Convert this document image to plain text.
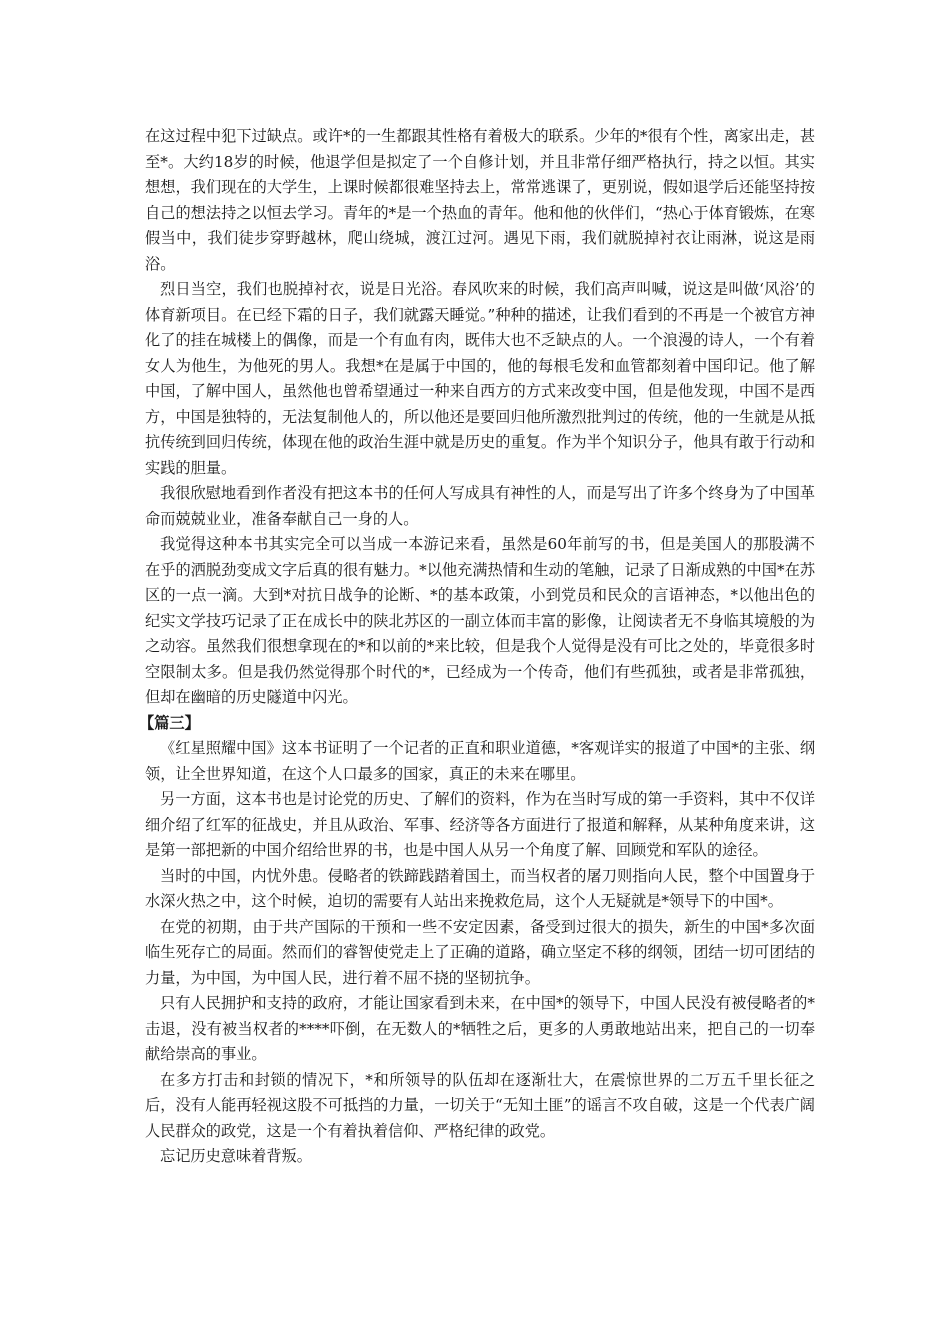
在这过程中犯下过缺点。或许*的一生都跟其性格有着极大的联系。少年的*很有个性，离家出走，甚至*。大约18岁的时候，他退学但是拟定了一个自修计划，并且非常仔细严格执行，持之以恒。其实想想，我们现在的大学生，上课时候都很难坚持去上，常常逃课了，更别说，假如退学后还能坚持按自己的想法持之以恒去学习。青年的*是一个热血的青年。他和他的伙伴们，“热心于体育锻炼，在寒假当中，我们徒步穿野越林，爬山绕城，渡江过河。遇见下雨，我们就脱掉衬衣让雨淋，说这是雨浴。

烈日当空，我们也脱掉衬衣，说是日光浴。春风吹来的时候，我们高声叫喊，说这是叫做‘风浴’的体育新项目。在已经下霜的日子，我们就露天睡觉。”种种的描述，让我们看到的不再是一个被官方神化了的挂在城楼上的偶像，而是一个有血有肉，既伟大也不乏缺点的人。一个浪漫的诗人，一个有着女人为他生，为他死的男人。我想*在是属于中国的，他的每根毛发和血管都刻着中国印记。他了解中国，了解中国人，虽然他也曾希望通过一种来自西方的方式来改变中国，但是他发现，中国不是西方，中国是独特的，无法复制他人的，所以他还是要回归他所激烈批判过的传统，他的一生就是从抵抗传统到回归传统，体现在他的政治生涯中就是历史的重复。作为半个知识分子，他具有敢于行动和实践的胆量。

我很欣慰地看到作者没有把这本书的任何人写成具有神性的人，而是写出了许多个终身为了中国革命而兢兢业业，准备奉献自己一身的人。

我觉得这种本书其实完全可以当成一本游记来看，虽然是60年前写的书，但是美国人的那股满不在乎的洒脱劲变成文字后真的很有魅力。*以他充满热情和生动的笔触，记录了日渐成熟的中国*在苏区的一点一滴。大到*对抗日战争的论断、*的基本政策，小到党员和民众的言语神态，*以他出色的纪实文学技巧记录了正在成长中的陕北苏区的一副立体而丰富的影像，让阅读者无不身临其境般的为之动容。虽然我们很想拿现在的*和以前的*来比较，但是我个人觉得是没有可比之处的，毕竟很多时空限制太多。但是我仍然觉得那个时代的*，已经成为一个传奇，他们有些孤独，或者是非常孤独，但却在幽暗的历史隧道中闪光。

【篇三】

《红星照耀中国》这本书证明了一个记者的正直和职业道德，*客观详实的报道了中国*的主张、纲领，让全世界知道，在这个人口最多的国家，真正的未来在哪里。

另一方面，这本书也是讨论党的历史、了解们的资料，作为在当时写成的第一手资料，其中不仅详细介绍了红军的征战史，并且从政治、军事、经济等各方面进行了报道和解释，从某种角度来讲，这是第一部把新的中国介绍给世界的书，也是中国人从另一个角度了解、回顾党和军队的途径。

当时的中国，内忧外患。侵略者的铁蹄践踏着国土，而当权者的屠刀则指向人民，整个中国置身于水深火热之中，这个时候，迫切的需要有人站出来挽救危局，这个人无疑就是*领导下的中国*。

在党的初期，由于共产国际的干预和一些不安定因素，备受到过很大的损失，新生的中国*多次面临生死存亡的局面。然而们的睿智使党走上了正确的道路，确立坚定不移的纲领，团结一切可团结的力量，为中国，为中国人民，进行着不屈不挠的坚韧抗争。

只有人民拥护和支持的政府，才能让国家看到未来，在中国*的领导下，中国人民没有被侵略者的*击退，没有被当权者的****吓倒，在无数人的*牺牲之后，更多的人勇敢地站出来，把自己的一切奉献给崇高的事业。

在多方打击和封锁的情况下，*和所领导的队伍却在逐渐壮大，在震惊世界的二万五千里长征之后，没有人能再轻视这股不可抵挡的力量，一切关于“无知土匪”的谣言不攻自破，这是一个代表广阔人民群众的政党，这是一个有着执着信仰、严格纪律的政党。

忘记历史意味着背叛。
